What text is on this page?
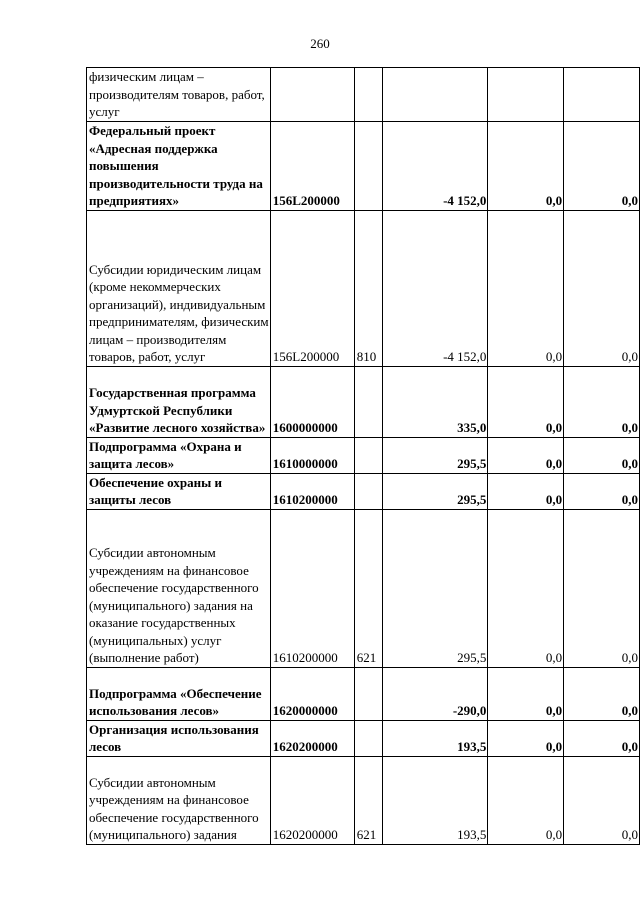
260
физическим лицам – производителям товаров, работ, услуг					
Федеральный проект «Адресная поддержка повышения производительности труда на предприятиях»	156L200000		-4 152,0	0,0	0,0
Субсидии юридическим лицам (кроме некоммерческих организаций), индивидуальным предпринимателям, физическим лицам – производителям товаров, работ, услуг	156L200000	810	-4 152,0	0,0	0,0
Государственная программа Удмуртской Республики «Развитие лесного хозяйства»	1600000000		335,0	0,0	0,0
Подпрограмма «Охрана и защита лесов»	1610000000		295,5	0,0	0,0
Обеспечение охраны и защиты лесов	1610200000		295,5	0,0	0,0
Субсидии автономным учреждениям на финансовое обеспечение государственного (муниципального) задания на оказание государственных (муниципальных) услуг (выполнение работ)	1610200000	621	295,5	0,0	0,0
Подпрограмма «Обеспечение использования лесов»	1620000000		-290,0	0,0	0,0
Организация использования лесов	1620200000		193,5	0,0	0,0
Субсидии автономным учреждениям на финансовое обеспечение государственного (муниципального) задания	1620200000	621	193,5	0,0	0,0
